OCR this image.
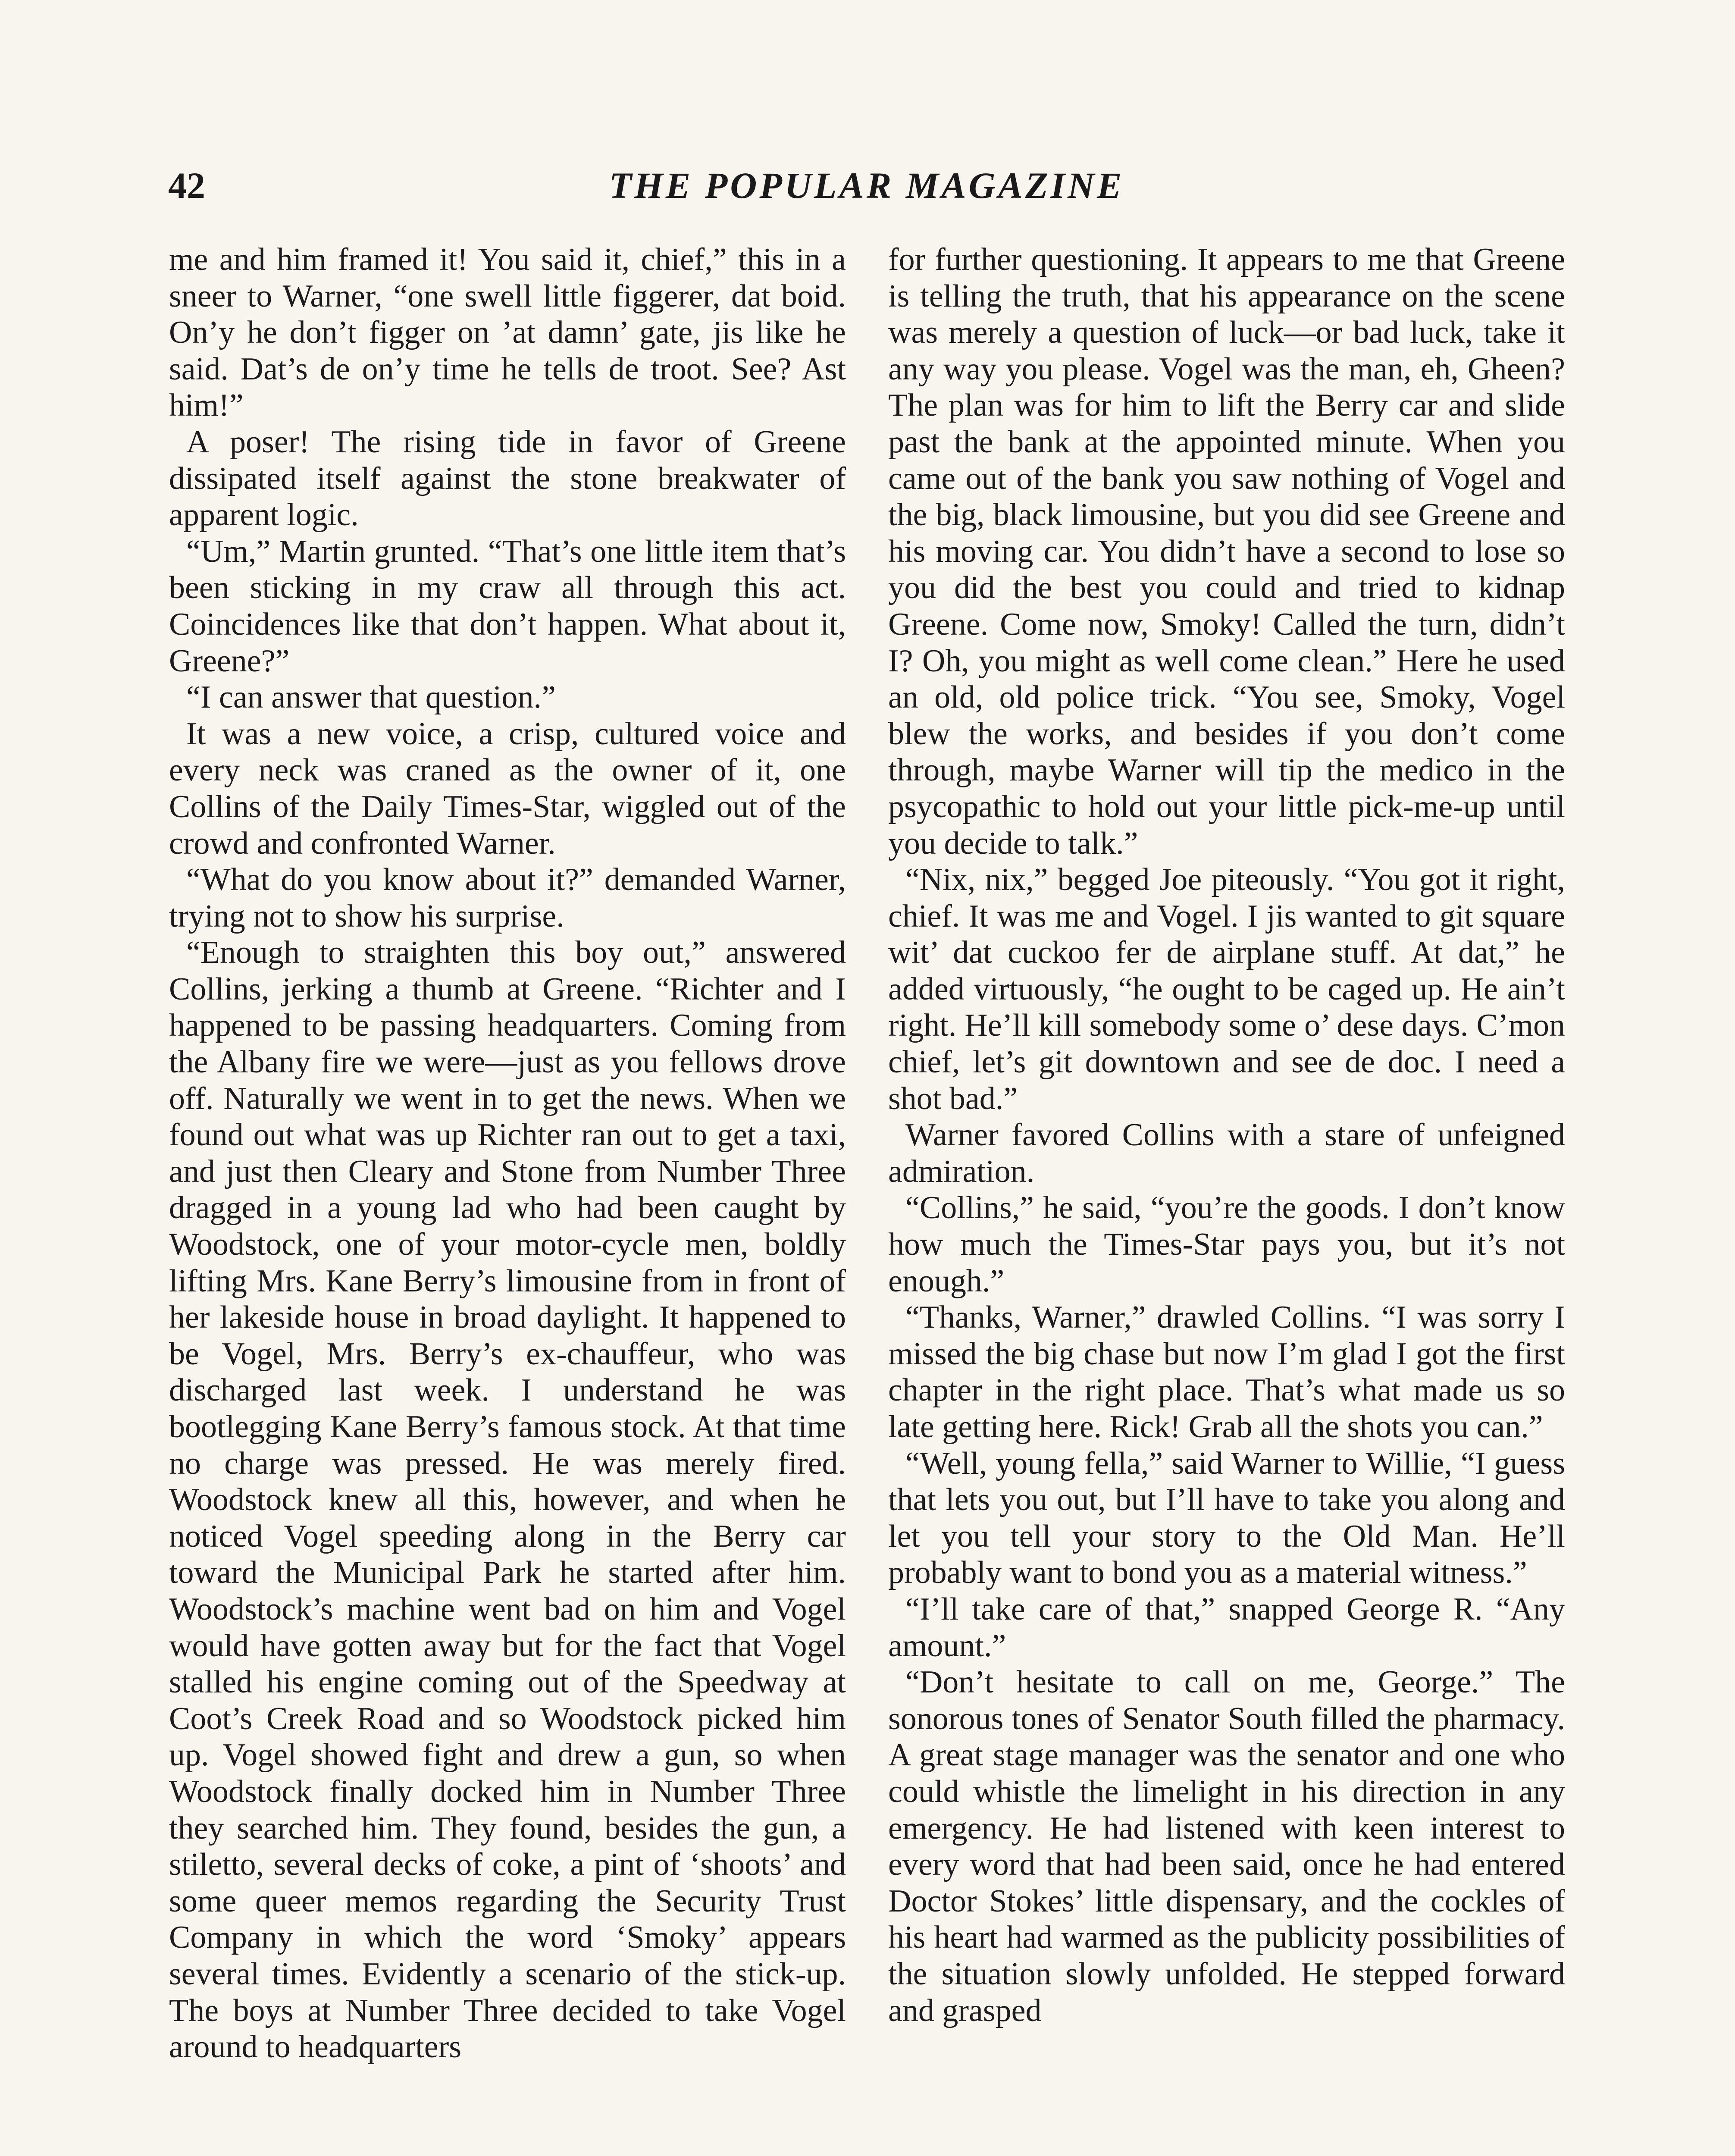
42	THE POPULAR MAGAZINE

me and him framed it! You said it, chief,” this in a sneer to Warner, “one swell little figgerer, dat boid. On’y he don’t figger on ’at damn’ gate, jis like he said. Dat’s de on’y time he tells de troot. See? Ast him!”

A poser! The rising tide in favor of Greene dissipated itself against the stone breakwater of apparent logic.

“Um,” Martin grunted. “That’s one little item that’s been sticking in my craw all through this act. Coincidences like that don’t happen. What about it, Greene?”

“I can answer that question.”

It was a new voice, a crisp, cultured voice and every neck was craned as the owner of it, one Collins of the Daily Times-Star, wiggled out of the crowd and confronted Warner.

“What do you know about it?” demanded Warner, trying not to show his surprise.

“Enough to straighten this boy out,” answered Collins, jerking a thumb at Greene. “Richter and I happened to be passing headquarters. Coming from the Albany fire we were—just as you fellows drove off. Naturally we went in to get the news. When we found out what was up Richter ran out to get a taxi, and just then Cleary and Stone from Number Three dragged in a young lad who had been caught by Woodstock, one of your motor-cycle men, boldly lifting Mrs. Kane Berry’s limousine from in front of her lakeside house in broad daylight. It happened to be Vogel, Mrs. Berry’s ex-chauffeur, who was discharged last week. I understand he was bootlegging Kane Berry’s famous stock. At that time no charge was pressed. He was merely fired. Woodstock knew all this, however, and when he noticed Vogel speeding along in the Berry car toward the Municipal Park he started after him. Woodstock’s machine went bad on him and Vogel would have gotten away but for the fact that Vogel stalled his engine coming out of the Speedway at Coot’s Creek Road and so Woodstock picked him up. Vogel showed fight and drew a gun, so when Woodstock finally docked him in Number Three they searched him. They found, besides the gun, a stiletto, several decks of coke, a pint of ‘shoots’ and some queer memos regarding the Security Trust Company in which the word ‘Smoky’ appears several times. Evidently a scenario of the stick-up. The boys at Number Three decided to take Vogel around to headquarters

for further questioning. It appears to me that Greene is telling the truth, that his appearance on the scene was merely a question of luck—or bad luck, take it any way you please. Vogel was the man, eh, Gheen? The plan was for him to lift the Berry car and slide past the bank at the appointed minute. When you came out of the bank you saw nothing of Vogel and the big, black limousine, but you did see Greene and his moving car. You didn’t have a second to lose so you did the best you could and tried to kidnap Greene. Come now, Smoky! Called the turn, didn’t I? Oh, you might as well come clean.” Here he used an old, old police trick. “You see, Smoky, Vogel blew the works, and besides if you don’t come through, maybe Warner will tip the medico in the psycopathic to hold out your little pick-me-up until you decide to talk.”

“Nix, nix,” begged Joe piteously. “You got it right, chief. It was me and Vogel. I jis wanted to git square wit’ dat cuckoo fer de airplane stuff. At dat,” he added virtuously, “he ought to be caged up. He ain’t right. He’ll kill somebody some o’ dese days. C’mon chief, let’s git downtown and see de doc. I need a shot bad.”

Warner favored Collins with a stare of unfeigned admiration.

“Collins,” he said, “you’re the goods. I don’t know how much the Times-Star pays you, but it’s not enough.”

“Thanks, Warner,” drawled Collins. “I was sorry I missed the big chase but now I’m glad I got the first chapter in the right place. That’s what made us so late getting here. Rick! Grab all the shots you can.”

“Well, young fella,” said Warner to Willie, “I guess that lets you out, but I’ll have to take you along and let you tell your story to the Old Man. He’ll probably want to bond you as a material witness.”

“I’ll take care of that,” snapped George R. “Any amount.”

“Don’t hesitate to call on me, George.” The sonorous tones of Senator South filled the pharmacy. A great stage manager was the senator and one who could whistle the limelight in his direction in any emergency. He had listened with keen interest to every word that had been said, once he had entered Doctor Stokes’ little dispensary, and the cockles of his heart had warmed as the publicity possibilities of the situation slowly unfolded. He stepped forward and grasped
